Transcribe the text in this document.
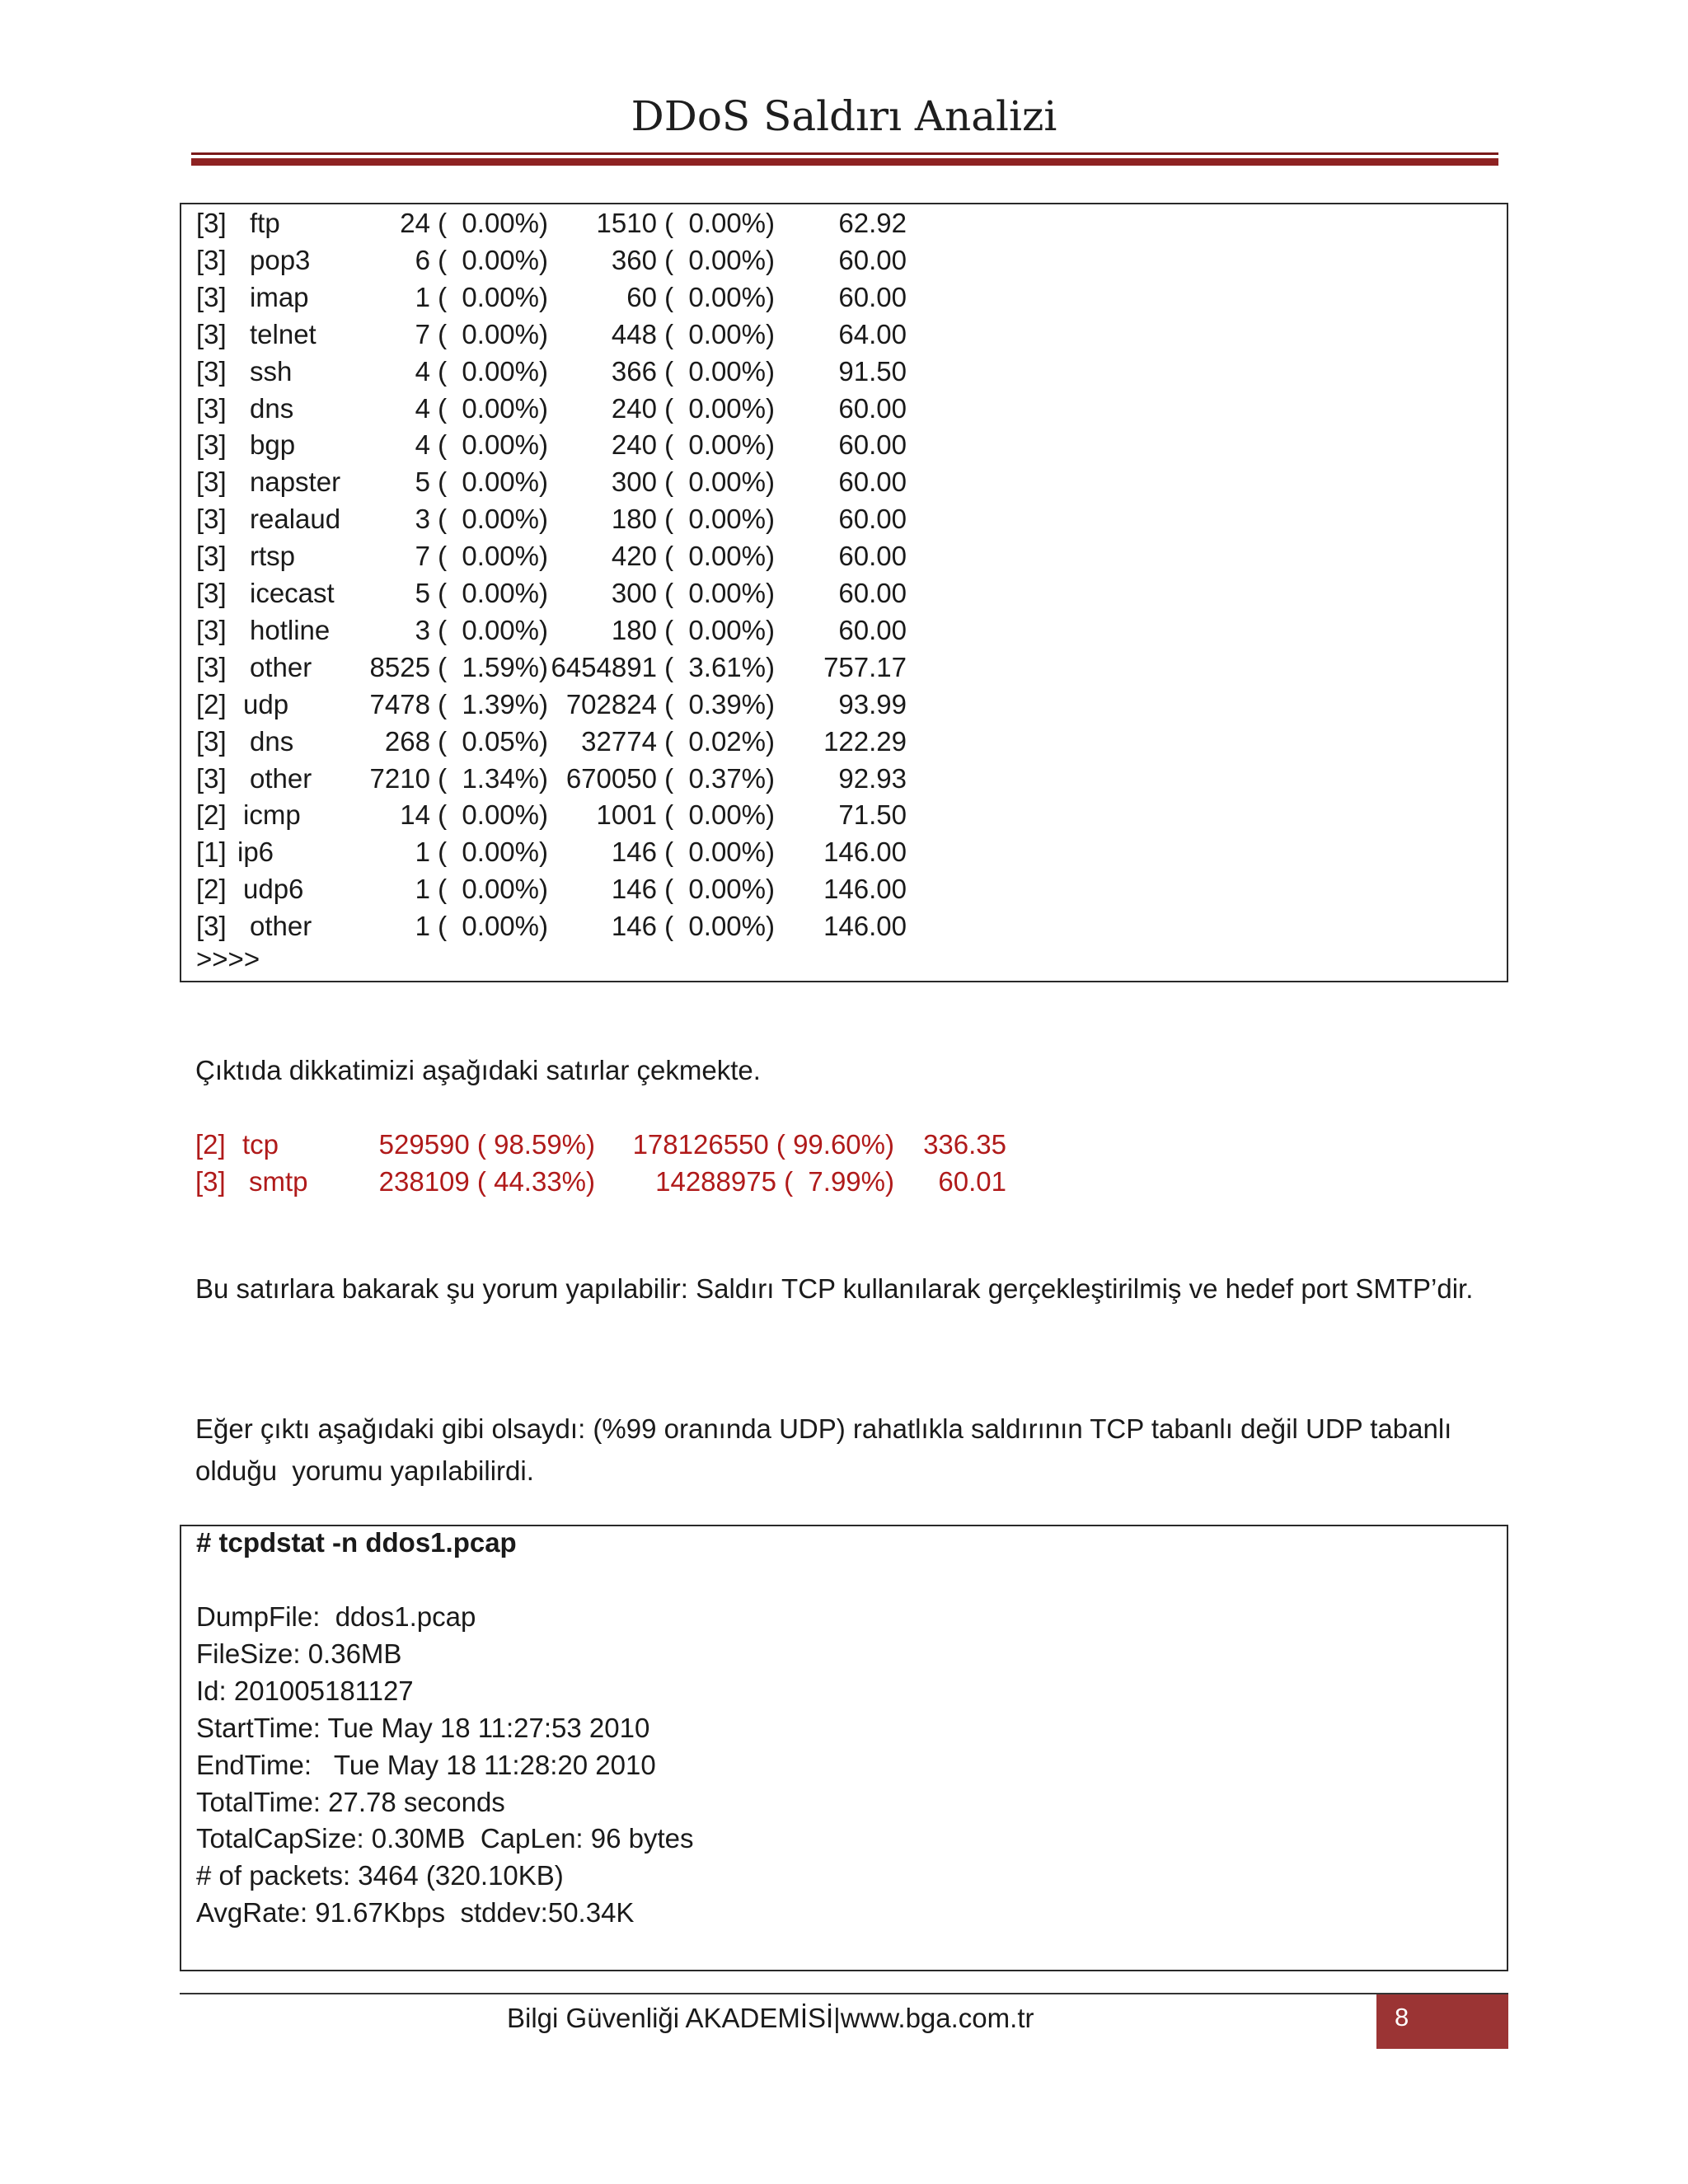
DDoS Saldırı Analizi
[3] ftp	24 (  0.00%) 1510 (  0.00%) 62.92
[3] pop3	6 (  0.00%) 360 (  0.00%) 60.00
[3] imap	1 (  0.00%)	60 (  0.00%) 60.00
[3] telnet	7 (  0.00%) 448 (  0.00%) 64.00
[3] ssh	4 (  0.00%) 366 (  0.00%) 91.50
[3] dns	4 (  0.00%) 240 (  0.00%) 60.00
[3] bgp	4 (  0.00%) 240 (  0.00%) 60.00
[3] napster	5 (  0.00%) 300 (  0.00%) 60.00
[3] realaud	3 (  0.00%) 180 (  0.00%) 60.00
[3] rtsp	7 (  0.00%) 420 (  0.00%) 60.00
[3] icecast	5 (  0.00%) 300 (  0.00%) 60.00
[3] hotline	3 (  0.00%) 180 (  0.00%) 60.00
[3] other 8525 (  1.59%) 6454891 (  3.61%) 757.17
[2] udp	7478 (  1.39%) 702824 (  0.39%) 93.99
[3] dns	268 (  0.05%) 32774 (  0.02%) 122.29
[3] other 7210 (  1.34%) 670050 (  0.37%) 92.93
[2] icmp	14 (  0.00%) 1001 (  0.00%) 71.50
[1] ip6	1 (  0.00%) 146 (  0.00%) 146.00
[2] udp6	1 (  0.00%) 146 (  0.00%) 146.00
[3] other	1 (  0.00%) 146 (  0.00%) 146.00
>>>>
Çıktıda dikkatimizi aşağıdaki satırlar çekmekte.
[2] tcp	529590 ( 98.59%) 178126550 ( 99.60%) 336.35
[3] smtp	238109 ( 44.33%) 14288975 (  7.99%) 60.01
Bu satırlara bakarak şu yorum yapılabilir: Saldırı TCP kullanılarak gerçekleştirilmiş ve hedef port SMTP’dir.
Eğer çıktı aşağıdaki gibi olsaydı: (%99 oranında UDP) rahatlıkla saldırının TCP tabanlı değil UDP tabanlı
olduğu  yorumu yapılabilirdi.
# tcpdstat -n ddos1.pcap
DumpFile:  ddos1.pcap
FileSize: 0.36MB
Id: 201005181127
StartTime: Tue May 18 11:27:53 2010
EndTime:   Tue May 18 11:28:20 2010
TotalTime: 27.78 seconds
TotalCapSize: 0.30MB  CapLen: 96 bytes
# of packets: 3464 (320.10KB)
AvgRate: 91.67Kbps  stddev:50.34K
Bilgi Güvenliği AKADEMİSİ|www.bga.com.tr	8
